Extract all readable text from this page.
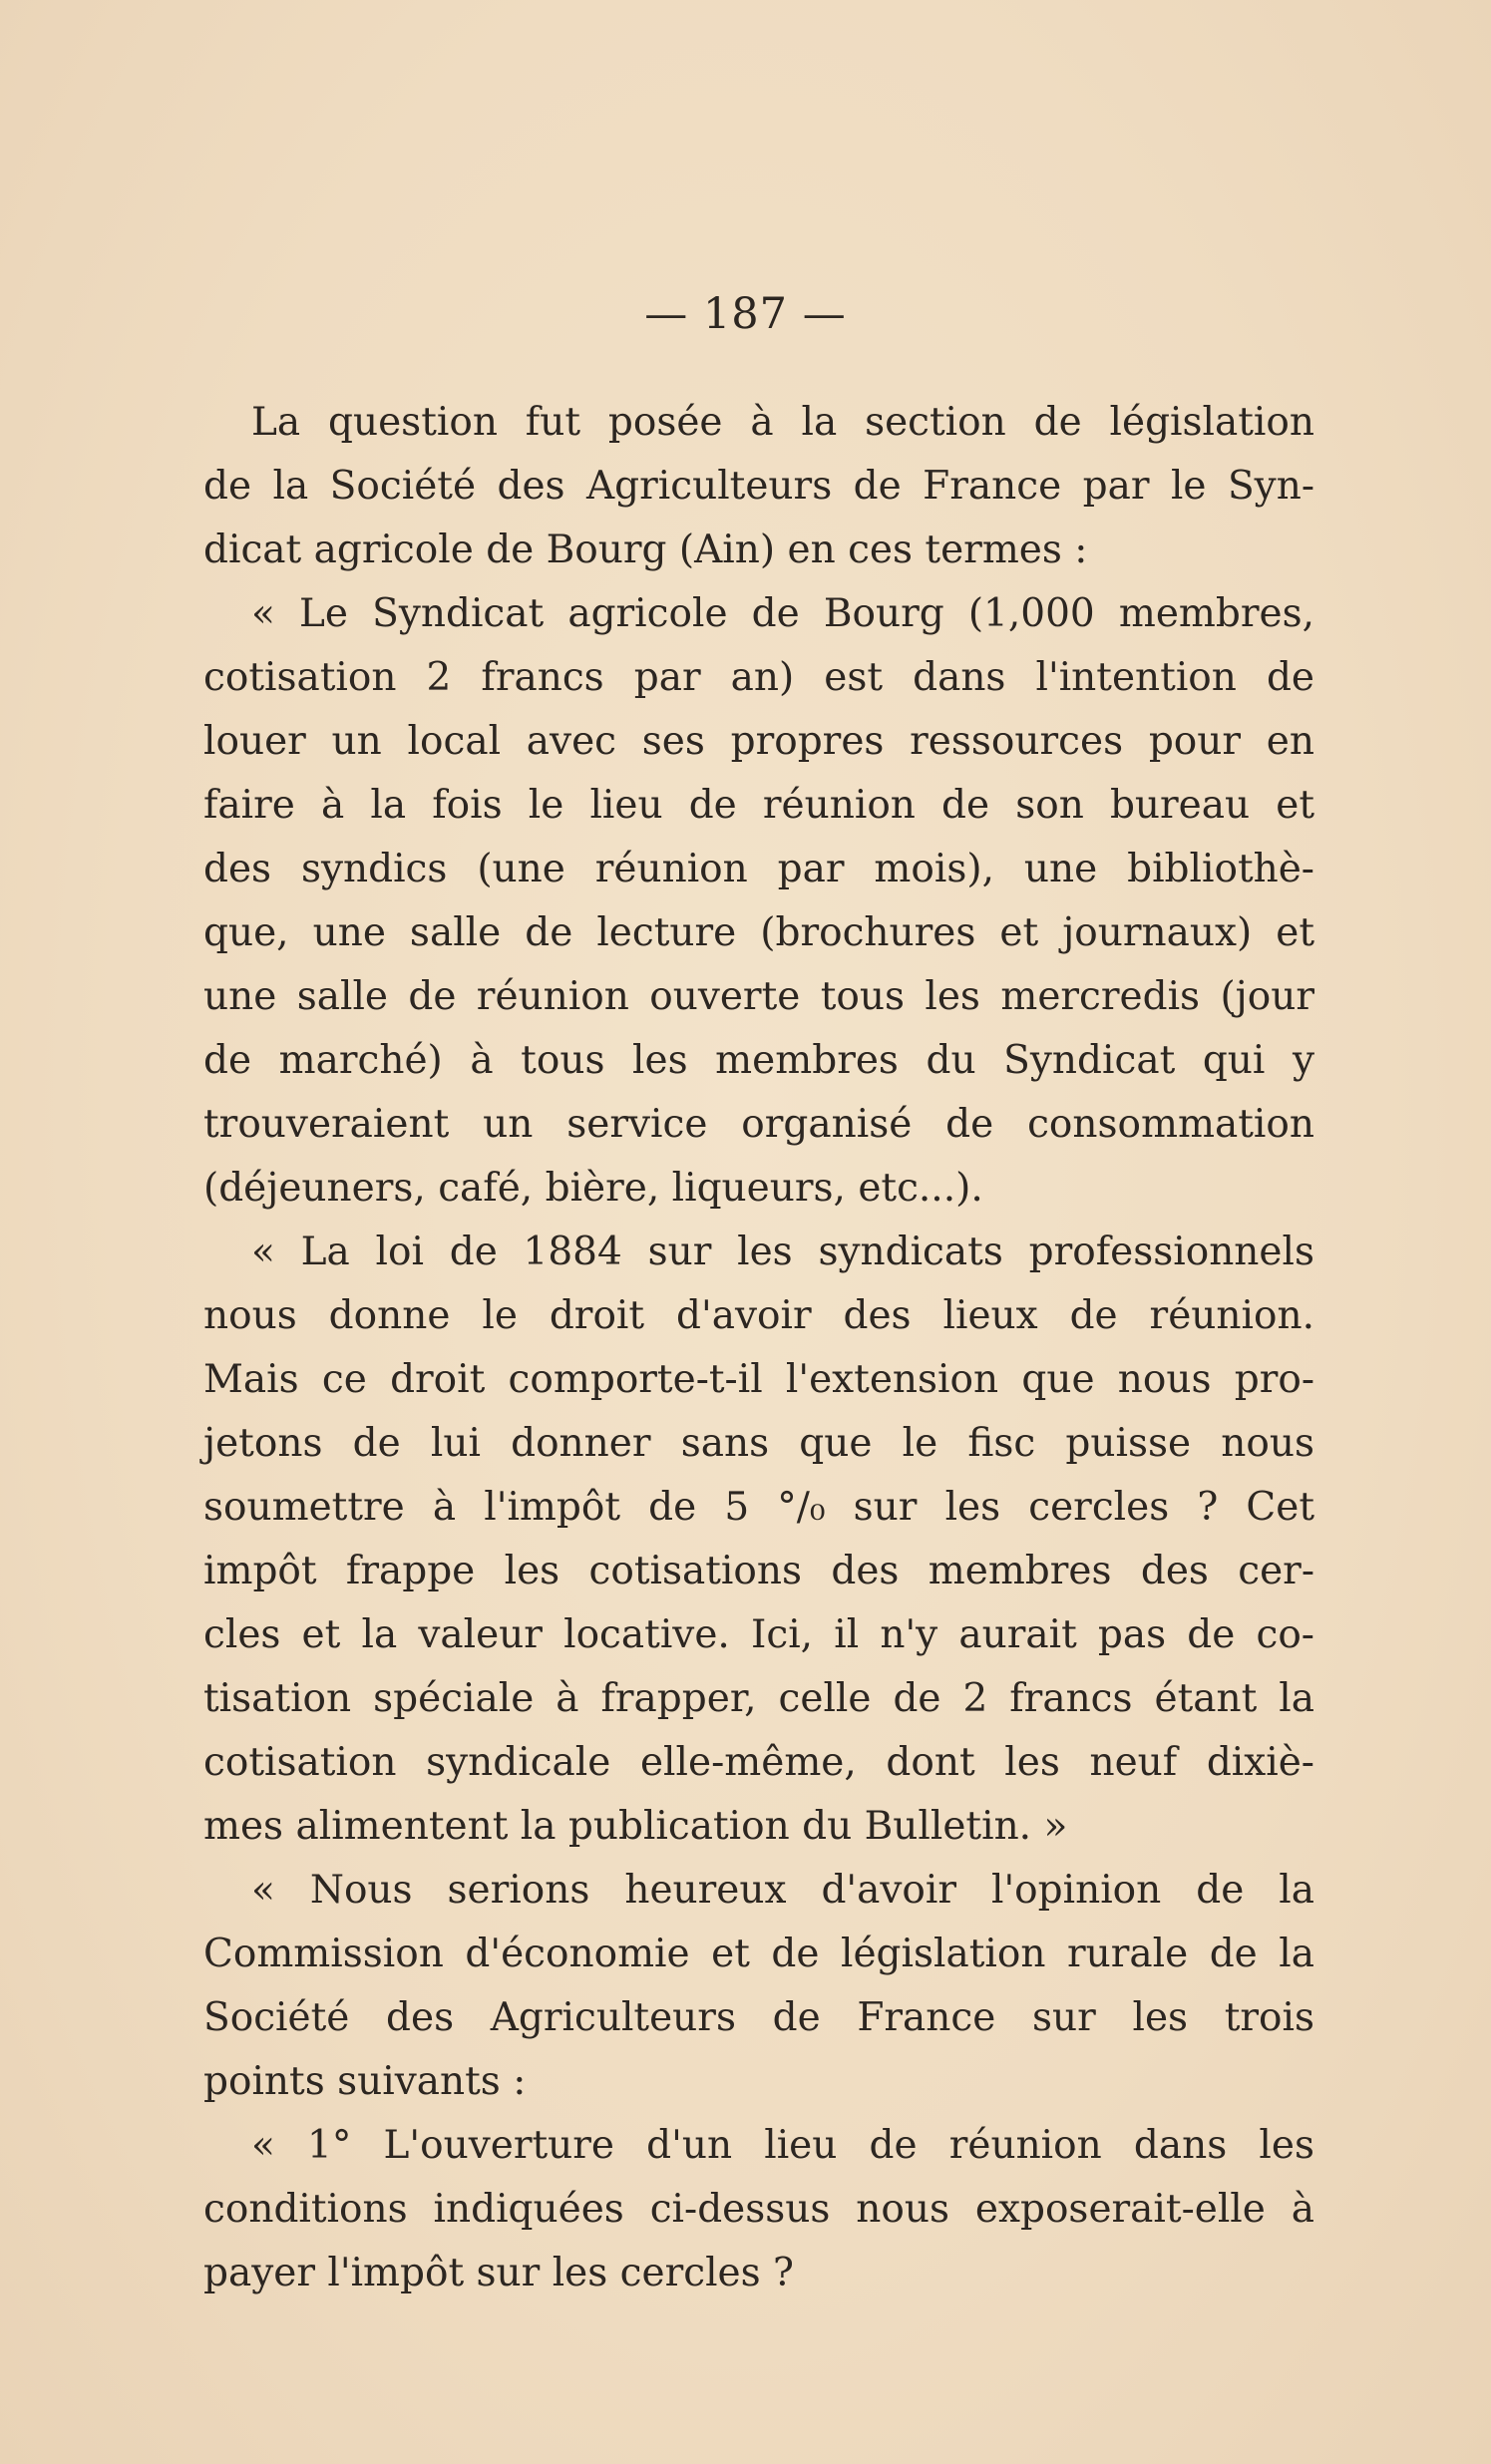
— 187 —
La question fut posée à la section de législation
de la Société des Agriculteurs de France par le Syn-
dicat agricole de Bourg (Ain) en ces termes :
« Le Syndicat agricole de Bourg (1,000 membres,
cotisation 2 francs par an) est dans l'intention de
louer un local avec ses propres ressources pour en
faire à la fois le lieu de réunion de son bureau et
des syndics (une réunion par mois), une bibliothè-
que, une salle de lecture (brochures et journaux) et
une salle de réunion ouverte tous les mercredis (jour
de marché) à tous les membres du Syndicat qui y
trouveraient un service organisé de consommation
(déjeuners, café, bière, liqueurs, etc...).
« La loi de 1884 sur les syndicats professionnels
nous donne le droit d'avoir des lieux de réunion.
Mais ce droit comporte-t-il l'extension que nous pro-
jetons de lui donner sans que le fisc puisse nous
soumettre à l'impôt de 5 °/₀ sur les cercles ? Cet
impôt frappe les cotisations des membres des cer-
cles et la valeur locative. Ici, il n'y aurait pas de co-
tisation spéciale à frapper, celle de 2 francs étant la
cotisation syndicale elle-même, dont les neuf dixiè-
mes alimentent la publication du Bulletin. »
« Nous serions heureux d'avoir l'opinion de la
Commission d'économie et de législation rurale de la
Société des Agriculteurs de France sur les trois
points suivants :
« 1° L'ouverture d'un lieu de réunion dans les
conditions indiquées ci-dessus nous exposerait-elle à
payer l'impôt sur les cercles ?
